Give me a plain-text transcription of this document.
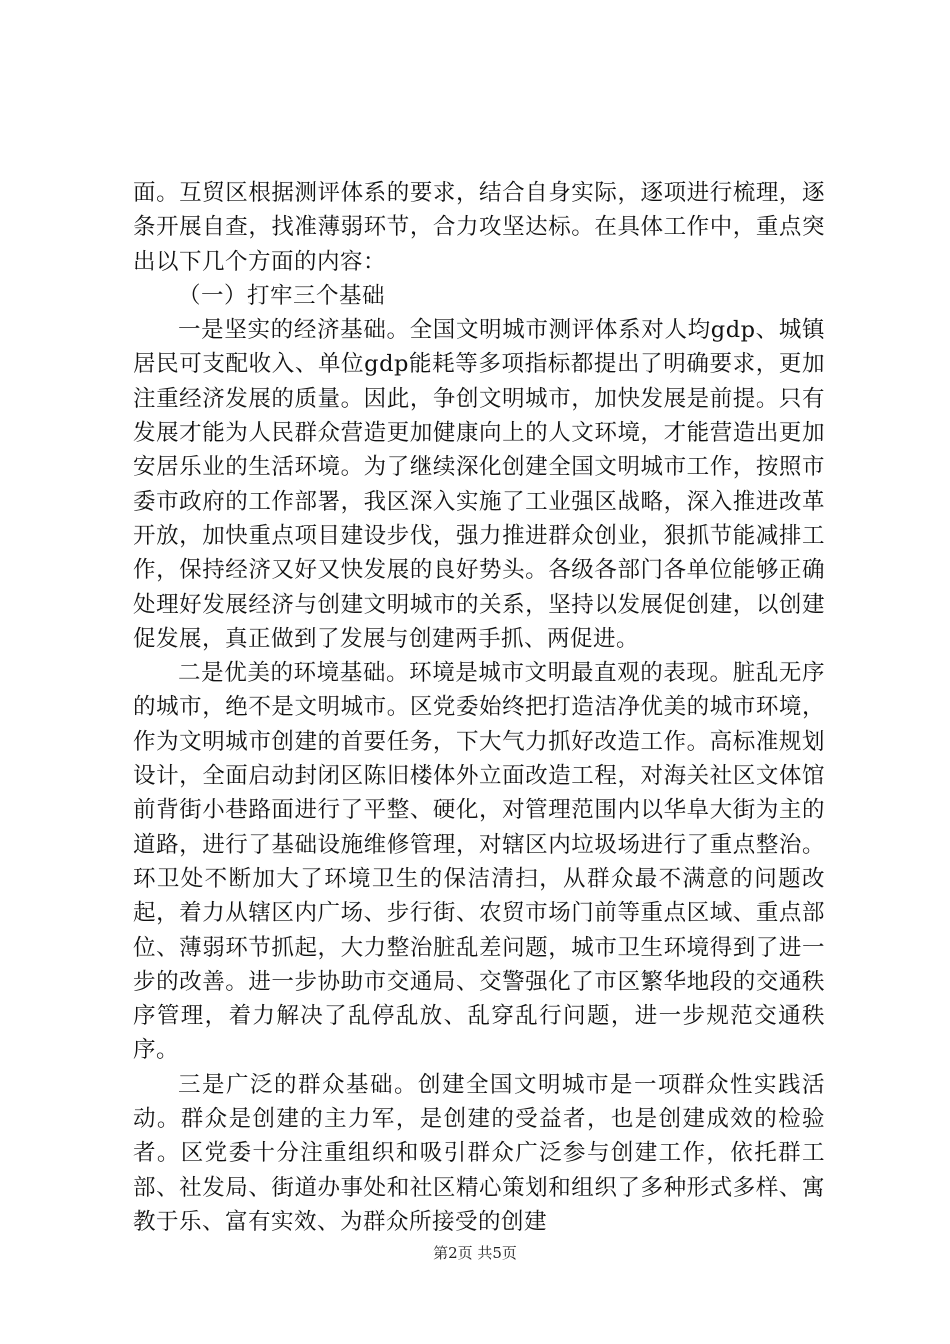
面。互贸区根据测评体系的要求，结合自身实际，逐项进行梳理，逐条开展自查，找准薄弱环节，合力攻坚达标。在具体工作中，重点突出以下几个方面的内容：

（一）打牢三个基础

一是坚实的经济基础。全国文明城市测评体系对人均gdp、城镇居民可支配收入、单位gdp能耗等多项指标都提出了明确要求，更加注重经济发展的质量。因此，争创文明城市，加快发展是前提。只有发展才能为人民群众营造更加健康向上的人文环境，才能营造出更加安居乐业的生活环境。为了继续深化创建全国文明城市工作，按照市委市政府的工作部署，我区深入实施了工业强区战略，深入推进改革开放，加快重点项目建设步伐，强力推进群众创业，狠抓节能减排工作，保持经济又好又快发展的良好势头。各级各部门各单位能够正确处理好发展经济与创建文明城市的关系，坚持以发展促创建，以创建促发展，真正做到了发展与创建两手抓、两促进。

二是优美的环境基础。环境是城市文明最直观的表现。脏乱无序的城市，绝不是文明城市。区党委始终把打造洁净优美的城市环境，作为文明城市创建的首要任务，下大气力抓好改造工作。高标准规划设计，全面启动封闭区陈旧楼体外立面改造工程，对海关社区文体馆前背街小巷路面进行了平整、硬化，对管理范围内以华阜大街为主的道路，进行了基础设施维修管理，对辖区内垃圾场进行了重点整治。环卫处不断加大了环境卫生的保洁清扫，从群众最不满意的问题改起，着力从辖区内广场、步行街、农贸市场门前等重点区域、重点部位、薄弱环节抓起，大力整治脏乱差问题，城市卫生环境得到了进一步的改善。进一步协助市交通局、交警强化了市区繁华地段的交通秩序管理，着力解决了乱停乱放、乱穿乱行问题，进一步规范交通秩序。

三是广泛的群众基础。创建全国文明城市是一项群众性实践活动。群众是创建的主力军，是创建的受益者，也是创建成效的检验者。区党委十分注重组织和吸引群众广泛参与创建工作，依托群工部、社发局、街道办事处和社区精心策划和组织了多种形式多样、寓教于乐、富有实效、为群众所接受的创建

第2页 共5页
